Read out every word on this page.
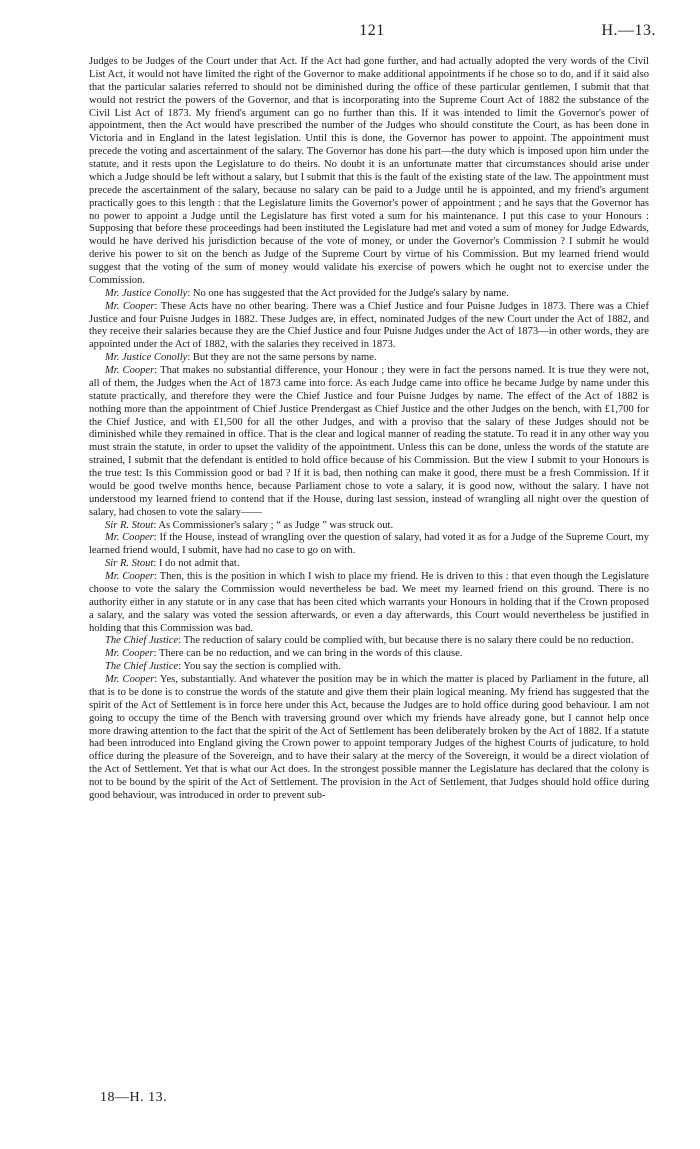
121	H.—13.

Judges to be Judges of the Court under that Act. If the Act had gone further, and had actually adopted the very words of the Civil List Act, it would not have limited the right of the Governor to make additional appointments if he chose so to do, and if it said also that the particular salaries referred to should not be diminished during the office of these particular gentlemen, I submit that that would not restrict the powers of the Governor, and that is incorporating into the Supreme Court Act of 1882 the substance of the Civil List Act of 1873. My friend's argument can go no further than this. If it was intended to limit the Governor's power of appointment, then the Act would have prescribed the number of the Judges who should constitute the Court, as has been done in Victoria and in England in the latest legislation. Until this is done, the Governor has power to appoint. The appointment must precede the voting and ascertainment of the salary. The Governor has done his part—the duty which is imposed upon him under the statute, and it rests upon the Legislature to do theirs. No doubt it is an unfortunate matter that circumstances should arise under which a Judge should be left without a salary, but I submit that this is the fault of the existing state of the law. The appointment must precede the ascertainment of the salary, because no salary can be paid to a Judge until he is appointed, and my friend's argument practically goes to this length : that the Legislature limits the Governor's power of appointment ; and he says that the Governor has no power to appoint a Judge until the Legislature has first voted a sum for his maintenance. I put this case to your Honours : Supposing that before these proceedings had been instituted the Legislature had met and voted a sum of money for Judge Edwards, would he have derived his jurisdiction because of the vote of money, or under the Governor's Commission ? I submit he would derive his power to sit on the bench as Judge of the Supreme Court by virtue of his Commission. But my learned friend would suggest that the voting of the sum of money would validate his exercise of powers which he ought not to exercise under the Commission.

Mr. Justice Conolly: No one has suggested that the Act provided for the Judge's salary by name.

Mr. Cooper: These Acts have no other bearing. There was a Chief Justice and four Puisne Judges in 1873. There was a Chief Justice and four Puisne Judges in 1882. These Judges are, in effect, nominated Judges of the new Court under the Act of 1882, and they receive their salaries because they are the Chief Justice and four Puisne Judges under the Act of 1873—in other words, they are appointed under the Act of 1882, with the salaries they received in 1873.

Mr. Justice Conolly: But they are not the same persons by name.

Mr. Cooper: That makes no substantial difference, your Honour ; they were in fact the persons named. It is true they were not, all of them, the Judges when the Act of 1873 came into force. As each Judge came into office he became Judge by name under this statute practically, and therefore they were the Chief Justice and four Puisne Judges by name. The effect of the Act of 1882 is nothing more than the appointment of Chief Justice Prendergast as Chief Justice and the other Judges on the bench, with £1,700 for the Chief Justice, and with £1,500 for all the other Judges, and with a proviso that the salary of these Judges should not be diminished while they remained in office. That is the clear and logical manner of reading the statute. To read it in any other way you must strain the statute, in order to upset the validity of the appointment. Unless this can be done, unless the words of the statute are strained, I submit that the defendant is entitled to hold office because of his Commission. But the view I submit to your Honours is the true test: Is this Commission good or bad ? If it is bad, then nothing can make it good, there must be a fresh Commission. If it would be good twelve months hence, because Parliament chose to vote a salary, it is good now, without the salary. I have not understood my learned friend to contend that if the House, during last session, instead of wrangling all night over the question of salary, had chosen to vote the salary——

Sir R. Stout: As Commissioner's salary ; “ as Judge ” was struck out.

Mr. Cooper: If the House, instead of wrangling over the question of salary, had voted it as for a Judge of the Supreme Court, my learned friend would, I submit, have had no case to go on with.

Sir R. Stout: I do not admit that.

Mr. Cooper: Then, this is the position in which I wish to place my friend. He is driven to this : that even though the Legislature choose to vote the salary the Commission would nevertheless be bad. We meet my learned friend on this ground. There is no authority either in any statute or in any case that has been cited which warrants your Honours in holding that if the Crown proposed a salary, and the salary was voted the session afterwards, or even a day afterwards, this Court would nevertheless be justified in holding that this Commission was bad.

The Chief Justice: The reduction of salary could be complied with, but because there is no salary there could be no reduction.

Mr. Cooper: There can be no reduction, and we can bring in the words of this clause.

The Chief Justice: You say the section is complied with.

Mr. Cooper: Yes, substantially. And whatever the position may be in which the matter is placed by Parliament in the future, all that is to be done is to construe the words of the statute and give them their plain logical meaning. My friend has suggested that the spirit of the Act of Settlement is in force here under this Act, because the Judges are to hold office during good behaviour. I am not going to occupy the time of the Bench with traversing ground over which my friends have already gone, but I cannot help once more drawing attention to the fact that the spirit of the Act of Settlement has been deliberately broken by the Act of 1882. If a statute had been introduced into England giving the Crown power to appoint temporary Judges of the highest Courts of judicature, to hold office during the pleasure of the Sovereign, and to have their salary at the mercy of the Sovereign, it would be a direct violation of the Act of Settlement. Yet that is what our Act does. In the strongest possible manner the Legislature has declared that the colony is not to be bound by the spirit of the Act of Settlement. The provision in the Act of Settlement, that Judges should hold office during good behaviour, was introduced in order to prevent sub-

18—H. 13.
